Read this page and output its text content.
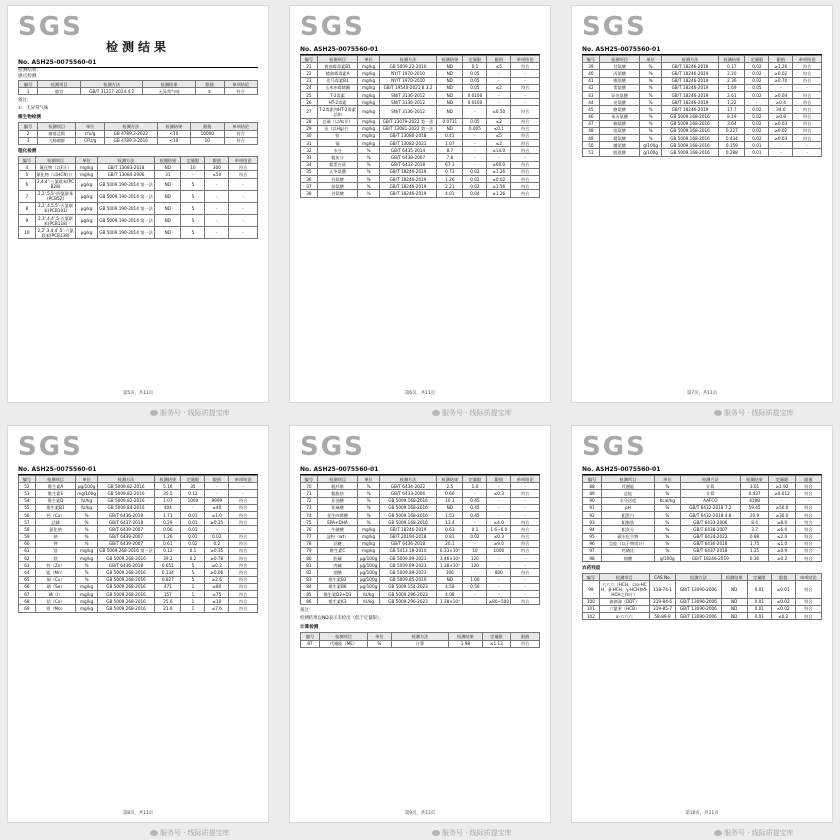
SGS
检测结果
No. ASH25-0075560-01
检测结果：
感官检测
编号	检测项目	检测方法	检测结果	限值	单项结论
1	感官	GB/T 31217-2014 4.2	无异常气味	①	符合
备注：
①：无异常气味
微生物检测
编号	检测项目	单位	检测方法	检测结果	限值	单项结论
2	菌落总数	cfu/g	GB 4789.2-2022	<10	10000	符合
3	大肠菌群	CFU/g	GB 4789.3-2016	<10	10	符合
理化检测
编号	检测项目	单位	检测方法	检测结果	定量限	限值	单项结论
4	氟化物（以F计）	mg/kg	GB/T 13083-2018	ND	10	300	符合
5	氰化物（以HCN计）	mg/kg	GB/T 13084-2006	31	-	≤50	符合
6	2,4,4'-三氯联苯(PCB28)	μg/kg	GB 5009.190-2014 第一法	ND	5	-	-
7	2,2',5,5'-四氯联苯(PCB52)	μg/kg	GB 5009.190-2014 第一法	ND	5	-	-
8	2,2',4,5,5'-五氯联苯(PCB101)	μg/kg	GB 5009.190-2014 第一法	ND	5	-	-
9	2,3',4,4',5-五氯联苯(PCB118)	μg/kg	GB 5009.190-2014 第一法	ND	5	-	-
10	2,2',3,4,4',5'-六氯联苯(PCB138)	μg/kg	GB 5009.190-2014 第一法	ND	5	-	-
第5页，共11页
SGS
No. ASH25-0075560-01
编号	检测项目	单位	检测方法	检测结果	定量限	限值	单项结论
21	黄曲霉毒素B1	mg/kg	GB 5009.22-2016	ND	0.1	≤5	符合
22	赭曲霉毒素A	mg/kg	NY/T 1970-2010	ND	0.05	-	-
23	伏马毒素B1	mg/kg	NY/T 1970-2010	ND	0.05	-	-
24	玉米赤霉烯酮	mg/kg	GB/T 19540-2021 8.3.2	ND	0.05	≤2	符合
25	T-2毒素	mg/kg	SN/T 3136-2012	ND	0.0100	-	-
26	HT-2毒素	mg/kg	SN/T 3136-2012	ND	0.0100	-	-
27	T-2毒素和HT-2毒素总和	mg/kg	SN/T 3136-2012	ND	-	≤0.50	符合
28	总砷（以As计）	mg/kg	GB/T 13079-2022 第一法	0.0711	0.05	≤2	符合
29	汞（以Hg计）	mg/kg	GB/T 13081-2022 第一法	ND	0.005	≤0.1	符合
30	铅	mg/kg	GB/T 13080-2018	0.41	-	≤5	符合
31	镉	mg/kg	GB/T 13082-2021	1.07	-	≤2	符合
32	水分	%	GB/T 6435-2014	8.7	-	≤14.0	符合
33	粗灰分	%	GB/T 6438-2007	7.8	-	-	-
34	粗蛋白质	%	GB/T 6432-2018	67.1	-	≥60.0	符合
35	天冬氨酸	%	GB/T 18246-2019	0.73	0.02	≥1.26	符合
36	苏氨酸	%	GB/T 18246-2019	1.26	0.02	≥0.02	符合
37	丝氨酸	%	GB/T 18246-2019	2.21	0.02	≥1.56	符合
38	谷氨酸	%	GB/T 18246-2019	4.01	0.04	≥1.26	符合
第6页，共11页
SGS
No. ASH25-0075560-01
编号	检测项目	单位	检测方法	检测结果	定量限	限值	单项结论
39	甘氨酸	%	GB/T 18246-2019	0.17	0.02	≥1.26	符合
40	丙氨酸	%	GB/T 18246-2019	2.20	0.02	≥0.02	符合
41	缬氨酸	%	GB/T 18246-2019	2.36	0.02	≥0.70	符合
42	蛋氨酸	%	GB/T 18246-2019	1.69	0.05	-	-
43	异亮氨酸	%	GB/T 18246-2019	2.61	0.02	≥0.04	符合
44	亮氨酸	%	GB/T 18246-2019	1.22	-	≥0.4	符合
45	酪氨酸	%	GB/T 18246-2019	17.7	0.02	34.0	符合
46	苯丙氨酸	%	GB 5009.168-2016	8.19	0.02	≥0.8	符合
47	赖氨酸	%	GB 5009.168-2016	3.64	0.02	≥0.03	符合
48	组氨酸	%	GB 5009.168-2016	0.227	0.02	≥0.02	符合
49	精氨酸	%	GB 5009.168-2016	0.434	0.02	≥0.03	符合
50	脯氨酸	g/100g	GB 5009.168-2016	0.159	0.01	-	-
51	胱氨酸	g/100g	GB 5009.168-2016	0.288	0.01	-	-
第7页，共11页
SGS
No. ASH25-0075560-01
编号	检测项目	单位	检测方法	检测结果	定量限	限值	单项结论
52	维生素A	μg/100g	GB 5009.82-2016	5.16	35	-	-
53	维生素E	mg/100g	GB 5009.82-2016	35.5	0.12	-	-
54	维生素D	IU/kg	GB 5009.82-2016	1.07	1000	9999	符合
55	维生素B1	IU/kg	GB 5009.84-2016	404	-	≤40	符合
56	钙（Ca）	%	GB/T 6436-2018	1.71	0.01	≥1.0	符合
57	总磷	%	GB/T 6437-2018	0.29	0.01	≥0.35	符合
58	氯化钠	%	GB/T 6439-2007	0.06	0.01	-	-
59	钠	%	GB/T 6439-2007	1.26	0.01	0.02	符合
60	钾	%	GB/T 6439-2007	0.61	0.02	0.2	符合
61	镁	mg/kg	GB 5009.268-2016 第一法	0.12	0.1	≥0.35	符合
62	铁	mg/kg	GB 5009.268-2016	39.2	0.2	≥0.78	符合
63	锌（Zn）	%	GB/T 6436-2018	0.651	5	≥0.2	符合
64	锰（Mn）	%	GB 5009.268-2016	0.134	5	≥0.06	符合
65	铜（Cu）	%	GB 5009.268-2016	0.827	5	≥2.6	符合
66	硒（Se）	mg/kg	GB 5009.268-2016	471	1	≤80	符合
67	碘（I）	mg/kg	GB 5009.268-2016	157	1	≤75	符合
68	钴（Co）	mg/kg	GB 5009.268-2016	25.0	1	≤10	符合
69	钼（Mo）	mg/kg	GB 5009.268-2016	21.6	1	≤7.6	符合
第8页，共11页
SGS
No. ASH25-0075560-01
编号	检测项目	单位	检测方法	检测结果	定量限	限值	单项结论
70	粗纤维	%	GB/T 6434-2022	2.5	1.0	-	-
71	粗脂肪	%	GB/T 6433-2006	0.66	-	≤0.3	符合
72	亚油酸	%	GB 5009.168-2016	10.1	0.45	-	-
73	亚麻酸	%	GB 5009.168-2016	ND	0.45	-	-
74	花生四烯酸	%	GB 5009.168-2016	1.53	0.45	-	-
75	EPA+DHA	%	GB 5009.168-2016	13.4	-	≤4.0	符合
76	牛磺酸	mg/kg	GB/T 18246-2019	0.63	0.1	1.6~6.0	符合
77	淀粉（wt）	mg/kg	GB/T 20194-2018	0.81	0.02	≤0.3	符合
78	总糖	mg/kg	GB/T 6436-2018	20.1	-	≥9.0	符合
79	维生素C	mg/kg	GB 5413.18-2010	6.33×10³	10	1000	符合
80	胆碱	μg/100g	GB 5009.89-2023	3.46×10³	120	-	-
81	肉碱	μg/100g	GB 5009.89-2023	1.38×10³	120	-	-
82	烟酸	μg/100g	GB 5009.89-2023	306	-	800	符合
83	维生素B2	μg/100g	GB 5009.85-2016	ND	1.00	-	-
84	维生素B6	μg/100g	GB 5009.154-2023	4.58	0.50	-	-
85	维生素D2+D3	IU/kg	GB 5009.296-2023	4.08	-	-	-
86	维生素K3	IU/kg	GB 5009.296-2023	1.38×10³	-	≥80~500	符合
备注：
检测结果以ND表示未检出（低于定量限）。
计算检测
编号	检测项目	单位	检测方法	检测结果	定量限	限值
87	代谢能（ME）	%	计算	1.98	≤1.13	符合
第9页，共11页
SGS
No. ASH25-0075560-01
编号	检测项目	单位	检测方法	检测结果	定量限	限值
88	代谢能	%	计算	3.01	≥1.92	符合
89	总能	%	计算	0.437	≥0.012	符合
90	水分活度	Kcal/kg	AAFCO	4198	-	-
91	pH	%	GB/T 6432-2018 7.2	59.45	≥50.0	符合
92	粗蛋白	%	GB/T 6432-2018 4.8	20.9	≥30.0	符合
93	粗脂肪	%	GB/T 6433-2006	8.4	≥8.0	符合
94	粗灰分	%	GB/T 6438-2007	3.7	≤6.0	符合
95	碳水化合物	%	GB/T 6434-2022	0.88	≤2.0	符合
96	总能（以干物质计）	%	GB/T 6436-2018	1.75	≤1.0	符合
97	钙磷比	%	GB/T 6437-2018	1.25	≥0.9	符合
98	烟酸	g/100g	GB/T 18246-2019	0.30	≥0.2	符合
农药残留
编号	检测项目	CAS No.	检测方法	检测结果	定量限	限值	单项结论
99	六六六（HCH，以α-HCH，β-HCH，γ-HCH和δ-HCH之和计）	118-74-1	GB/T 13090-2006	ND	0.01	≤0.01	符合
100	滴滴涕（DDT）	319-84-6	GB/T 13090-2006	ND	0.01	≤0.02	符合
101	六氯苯（HCB）	319-85-7	GB/T 13090-2006	ND	0.01	≤0.02	符合
102	α-六六六	58-89-9	GB/T 13090-2006	ND	0.01	≤0.2	符合
第10页，共11页
服务号 · 线际质提宝库	服务号 · 线际质提宝库	服务号 · 线际质提宝库
服务号 · 线际质提宝库	服务号 · 线际质提宝库	服务号 · 线际质提宝库
